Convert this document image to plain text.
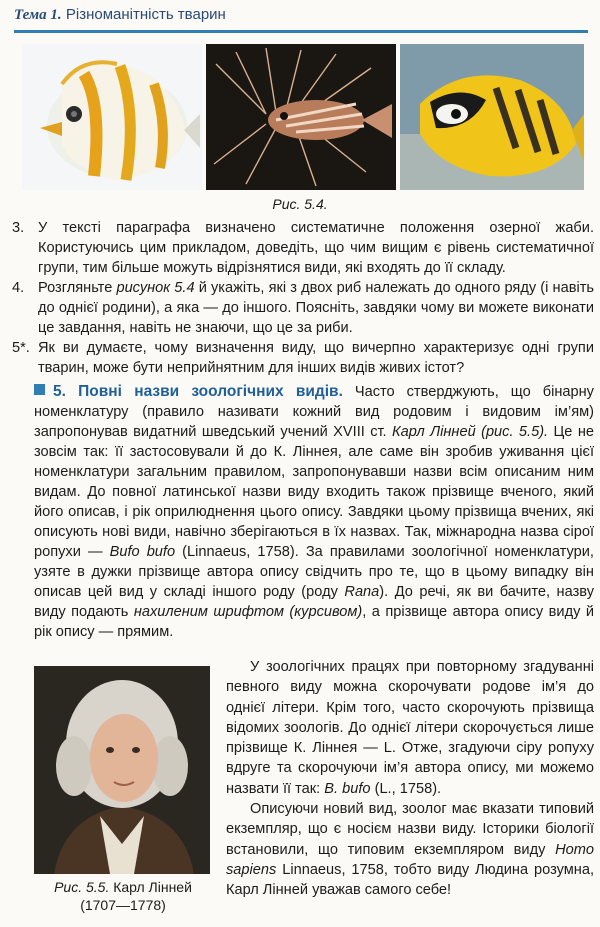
Тема 1. Різноманітність тварин
Рис. 5.4.
3. У тексті параграфа визначено систематичне положення озерної жаби. Користуючись цим прикладом, доведіть, що чим вищим є рівень систематичної групи, тим більше можуть відрізнятися види, які входять до її складу.
4. Розгляньте рисунок 5.4 й укажіть, які з двох риб належать до одного ряду (і навіть до однієї родини), а яка — до іншого. Поясніть, завдяки чому ви можете виконати це завдання, навіть не знаючи, що це за риби.
5*. Як ви думаєте, чому визначення виду, що вичерпно характеризує одні групи тварин, може бути неприйнятним для інших видів живих істот?
5. Повні назви зоологічних видів. Часто стверджують, що бінарну номенклатуру (правило називати кожний вид родовим і видовим ім’ям) запропонував видатний шведський учений XVIII ст. Карл Лінней (рис. 5.5). Це не зовсім так: її застосовували й до К. Ліннея, але саме він зробив уживання цієї номенклатури загальним правилом, запропонувавши назви всім описаним ним видам. До повної латинської назви виду входить також прізвище вченого, який його описав, і рік оприлюднення цього опису. Завдяки цьому прізвища вчених, які описують нові види, навічно зберігаються в їх назвах. Так, міжнародна назва сірої ропухи — Bufo bufo (Linnaeus, 1758). За правилами зоологічної номенклатури, узяте в дужки прізвище автора опису свідчить про те, що в цьому випадку він описав цей вид у складі іншого роду (роду Rana). До речі, як ви бачите, назву виду подають нахиленим шрифтом (курсивом), а прізвище автора опису виду й рік опису — прямим.
Рис. 5.5. Карл Лінней
(1707—1778)

У зоологічних працях при повторному згадуванні певного виду можна скорочувати родове ім’я до однієї літери. Крім того, часто скорочують прізвища відомих зоологів. До однієї літери скорочується лише прізвище К. Ліннея — L. Отже, згадуючи сіру ропуху вдруге та скорочуючи ім’я автора опису, ми можемо назвати її так: B. bufo (L., 1758).

Описуючи новий вид, зоолог має вказати типовий екземпляр, що є носієм назви виду. Історики біології встановили, що типовим екземпляром виду Homo sapiens Linnaeus, 1758, тобто виду Людина розумна, Карл Лінней уважав самого себе!
